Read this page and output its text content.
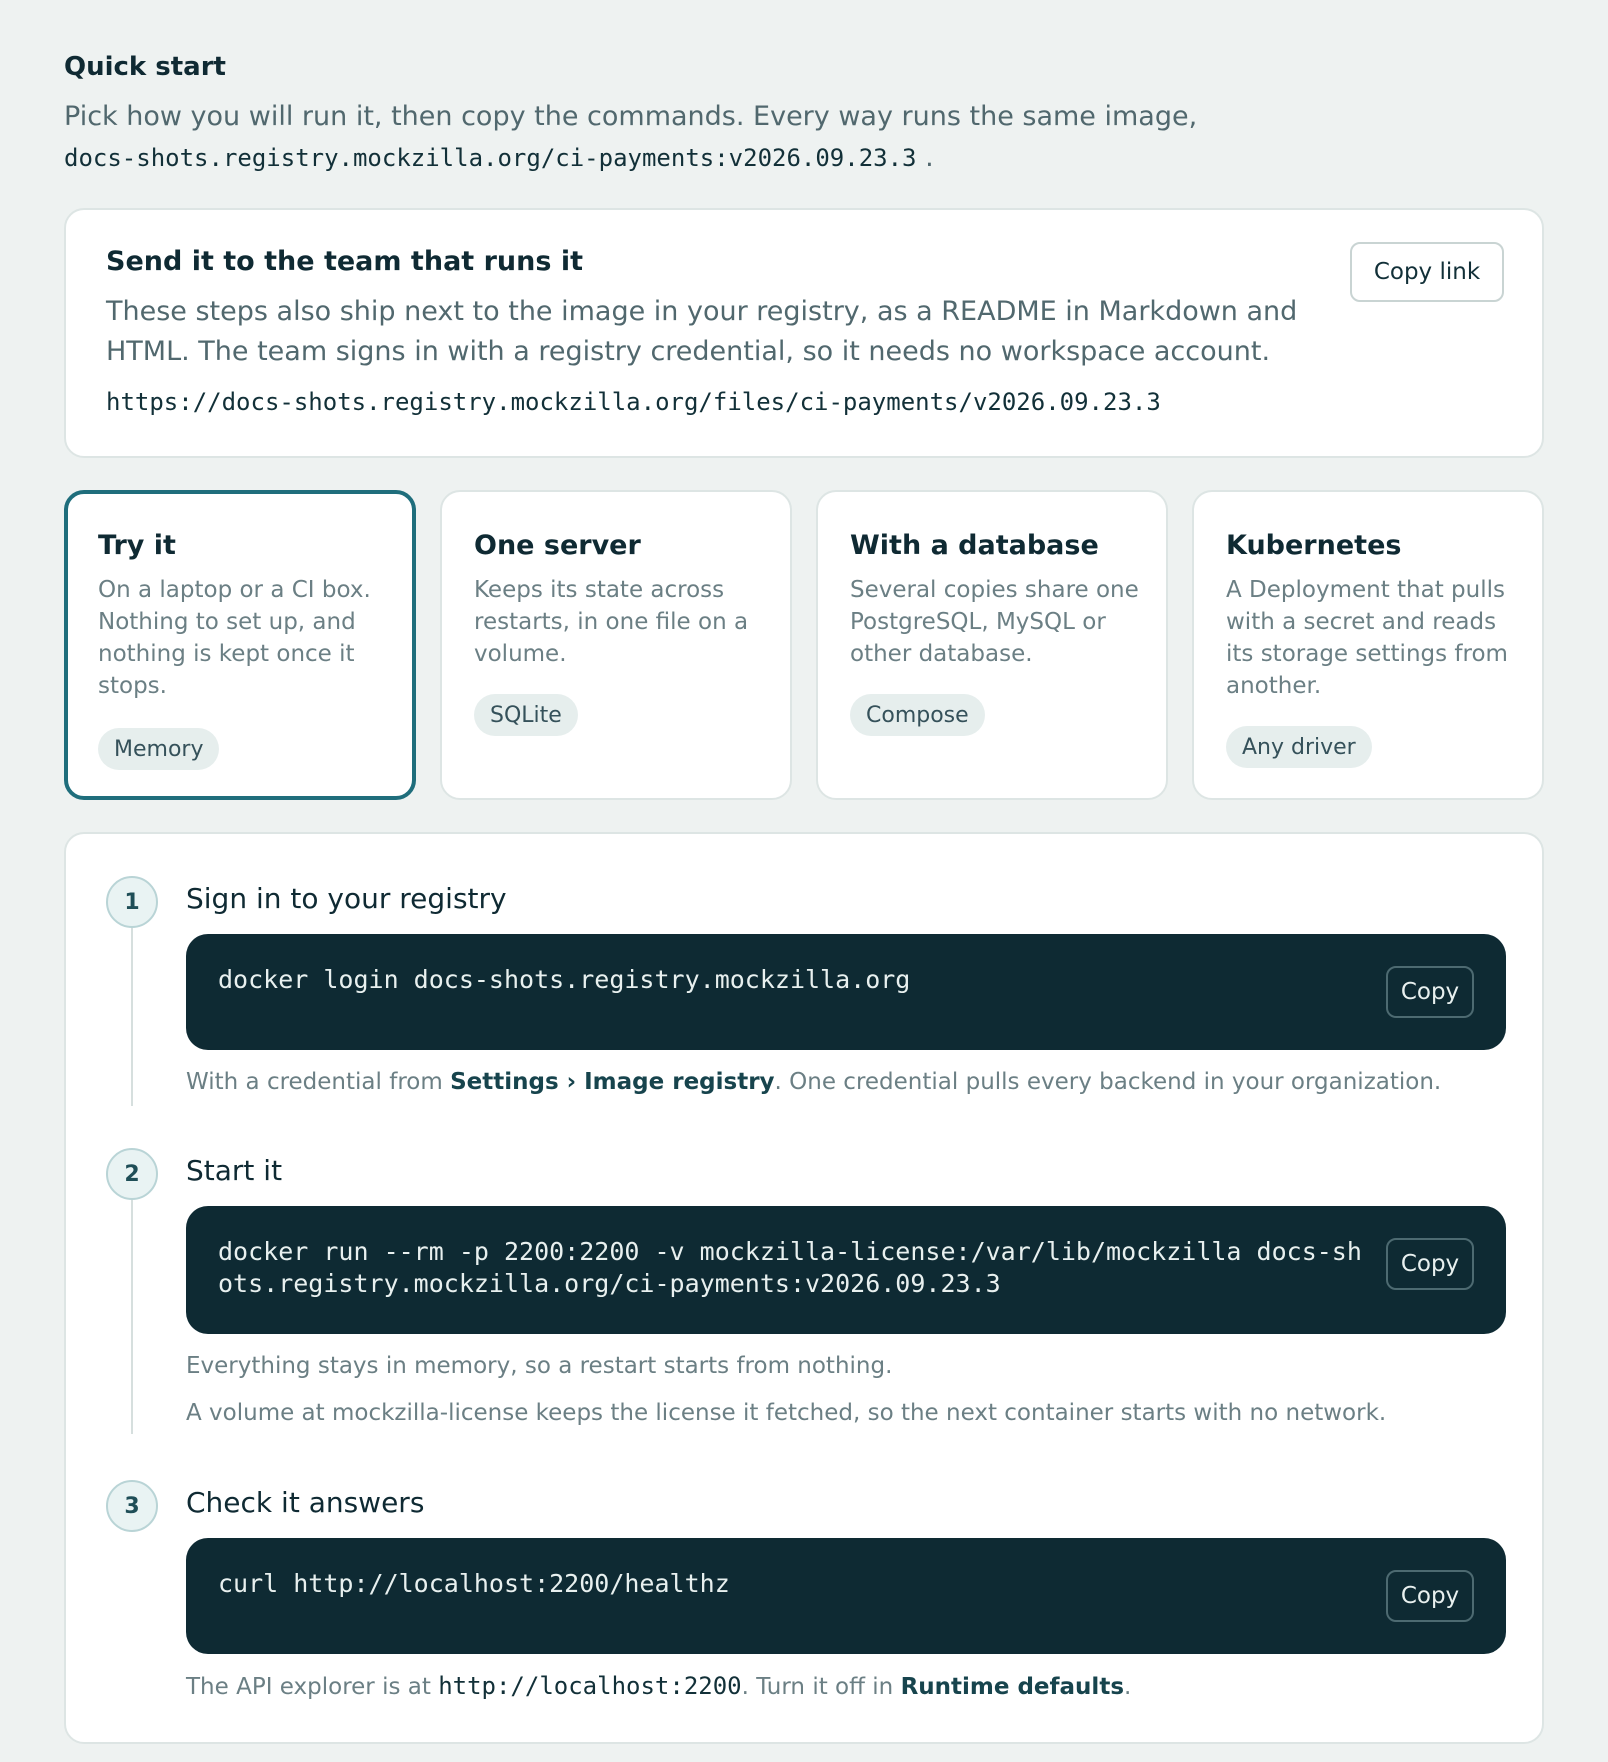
Quick start
Pick how you will run it, then copy the commands. Every way runs the same image, docs-shots.registry.mockzilla.org/ci-payments:v2026.09.23.3 .
Send it to the team that runs it
These steps also ship next to the image in your registry, as a README in Markdown and HTML. The team signs in with a registry credential, so it needs no workspace account.
https://docs-shots.registry.mockzilla.org/files/ci-payments/v2026.09.23.3
Copy link
Try it
On a laptop or a CI box. Nothing to set up, and nothing is kept once it stops.
Memory
One server
Keeps its state across restarts, in one file on a volume.
SQLite
With a database
Several copies share one PostgreSQL, MySQL or other database.
Compose
Kubernetes
A Deployment that pulls with a secret and reads its storage settings from another.
Any driver
1	Sign in to your registry
docker login docs-shots.registry.mockzilla.org	Copy
With a credential from Settings › Image registry. One credential pulls every backend in your organization.
2	Start it
docker run --rm -p 2200:2200 -v mockzilla-license:/var/lib/mockzilla docs-shots.registry.mockzilla.org/ci-payments:v2026.09.23.3
Copy
Everything stays in memory, so a restart starts from nothing.
A volume at mockzilla-license keeps the license it fetched, so the next container starts with no network.
3	Check it answers
curl http://localhost:2200/healthz	Copy
The API explorer is at http://localhost:2200. Turn it off in Runtime defaults.
